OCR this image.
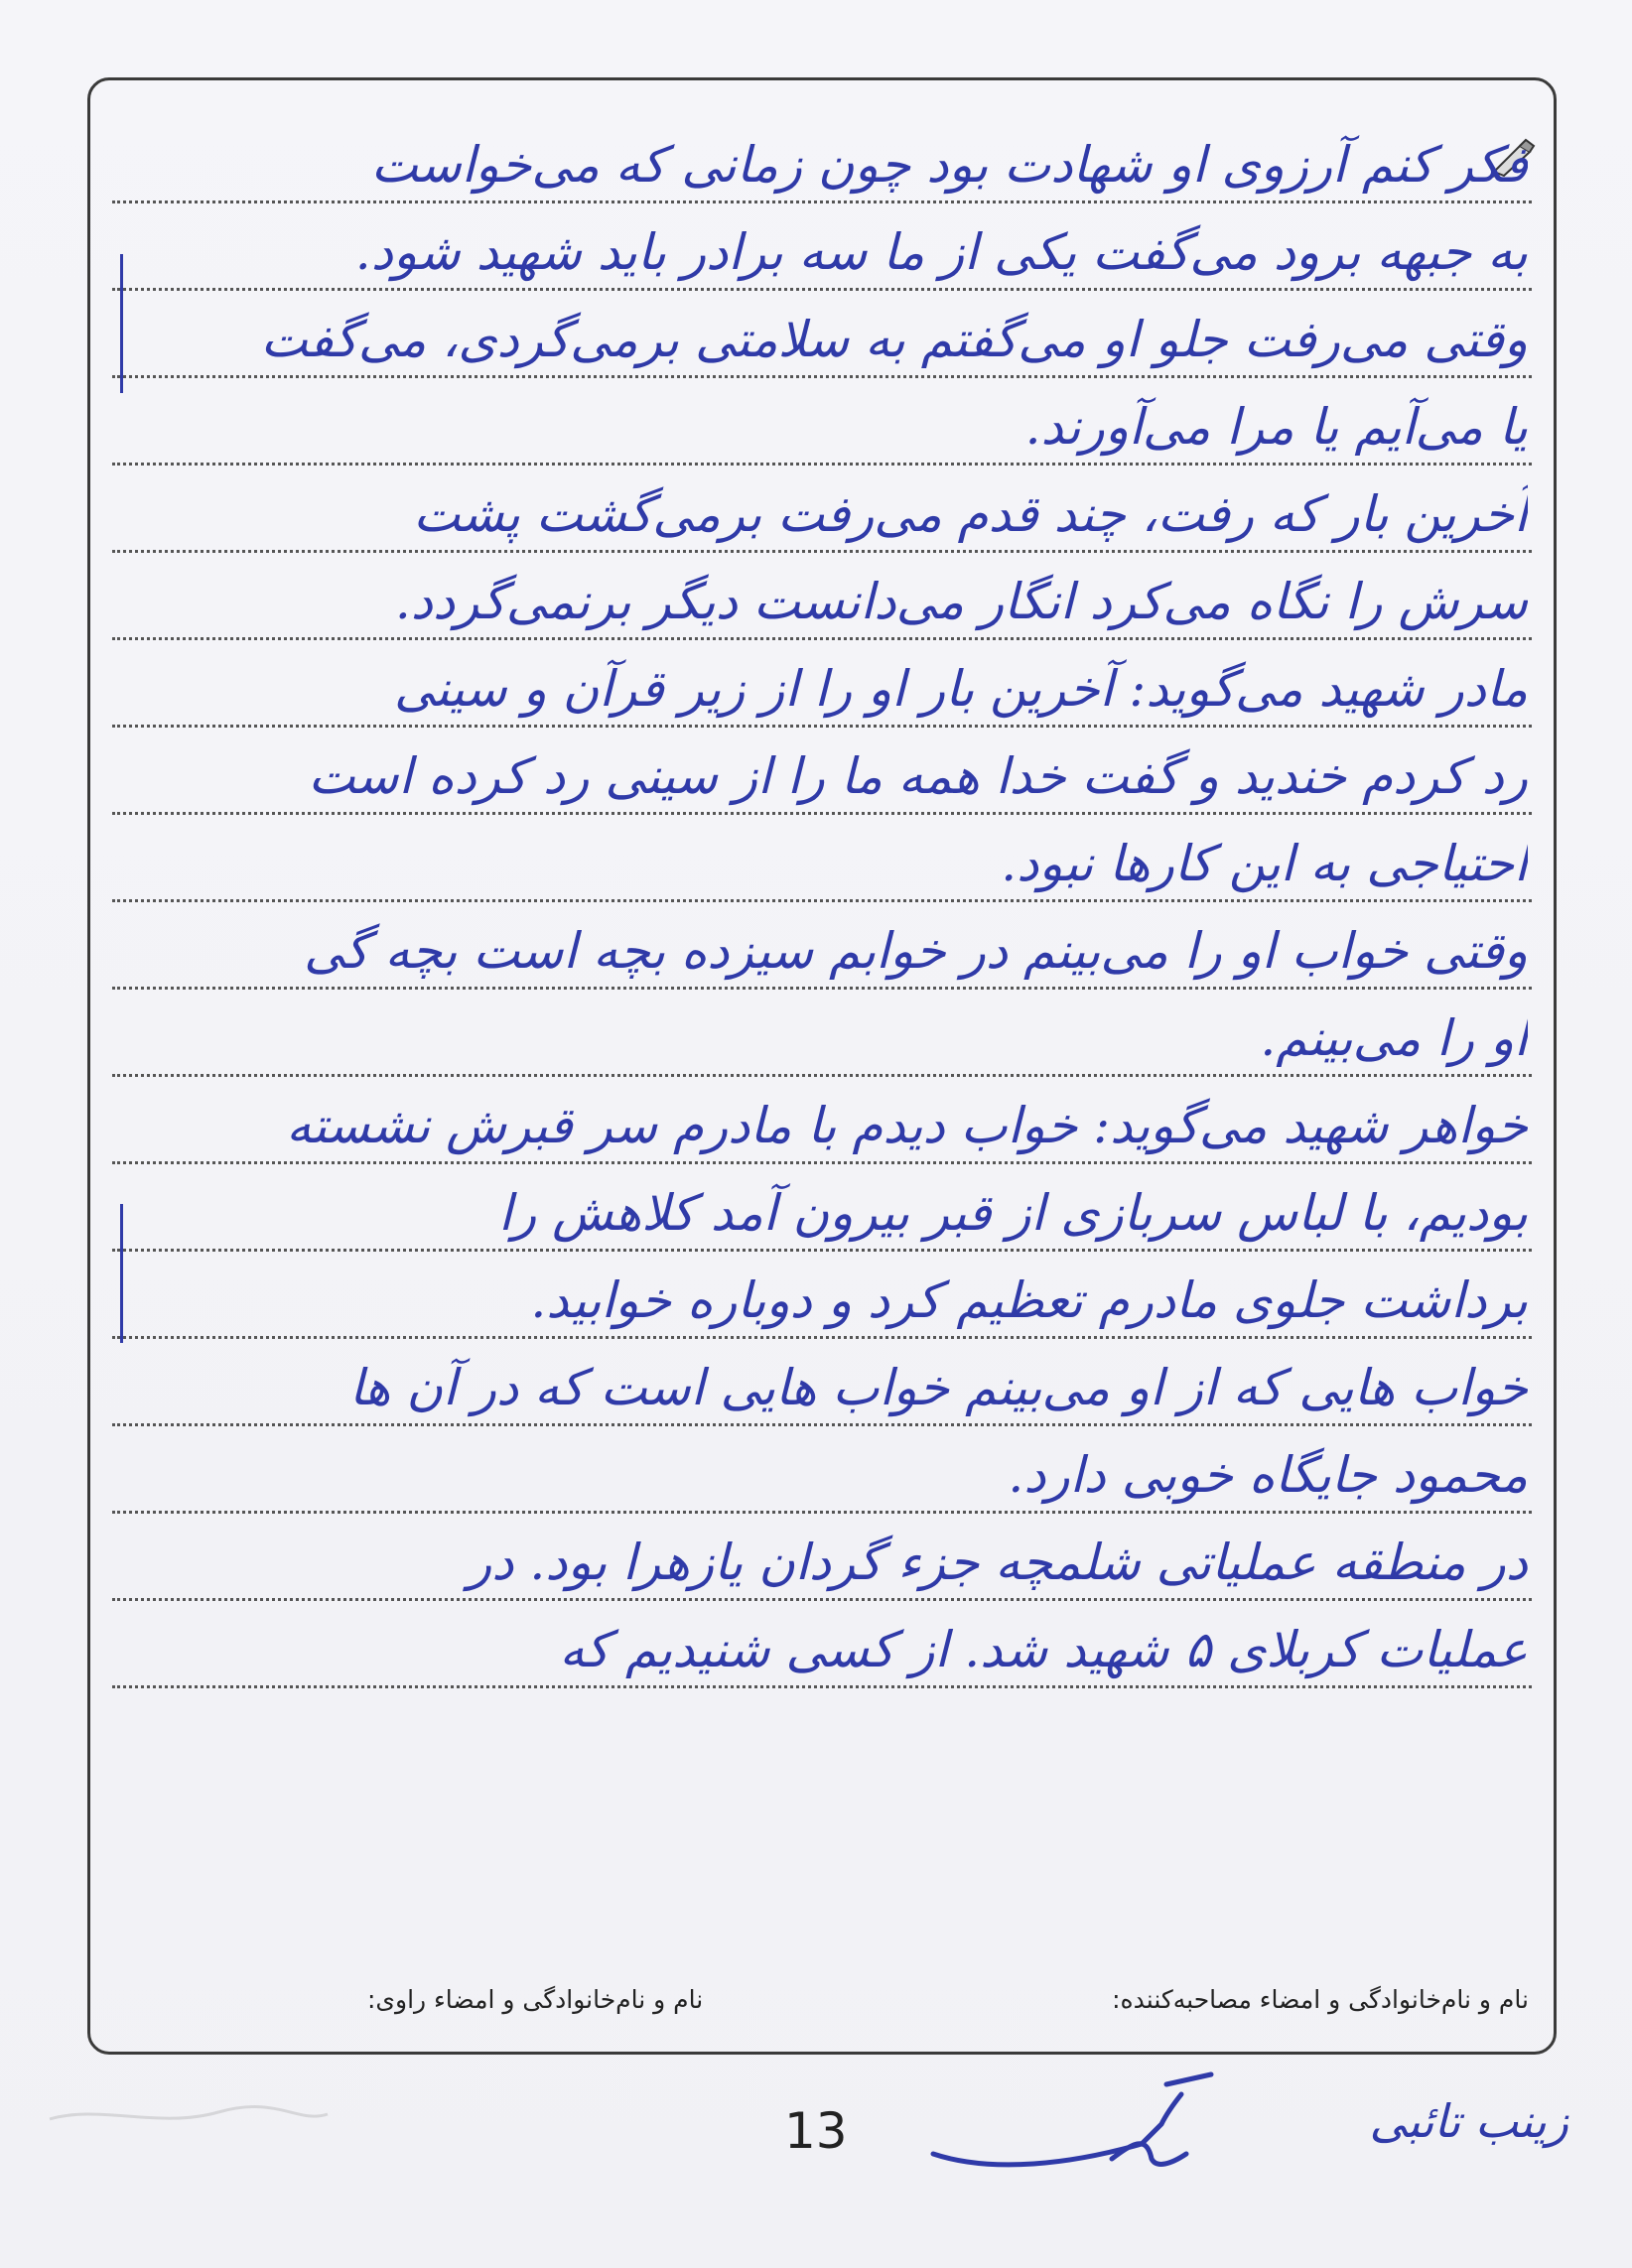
فکر کنم آرزوی او شهادت بود چون زمانی که می‌خواست
به جبهه برود می‌گفت یکی از ما سه برادر باید شهید شود.
وقتی می‌رفت جلو او می‌گفتم به سلامتی برمی‌گردی، می‌گفت
یا می‌آیم یا مرا می‌آورند.
آخرین بار که رفت، چند قدم می‌رفت برمی‌گشت پشت
سرش را نگاه می‌کرد انگار می‌دانست دیگر برنمی‌گردد.
مادر شهید می‌گوید: آخرین بار او را از زیر قرآن و سینی
رد کردم خندید و گفت خدا همه ما را از سینی رد کرده است
احتیاجی به این کارها نبود.
وقتی خواب او را می‌بینم در خوابم سیزده بچه است بچه گی
او را می‌بینم.
خواهر شهید می‌گوید: خواب دیدم با مادرم سر قبرش نشسته
بودیم، با لباس سربازی از قبر بیرون آمد کلاهش را
برداشت جلوی مادرم تعظیم کرد و دوباره خوابید.
خواب هایی که از او می‌بینم خواب هایی است که در آن ها
محمود جایگاه خوبی دارد.
در منطقه عملیاتی شلمچه جزء گردان یازهرا بود. در
عملیات کربلای ۵ شهید شد. از کسی شنیدیم که
نام و نام‌خانوادگی و امضاء مصاحبه‌کننده:
نام و نام‌خانوادگی و امضاء راوی:
زینب تائبی
13
